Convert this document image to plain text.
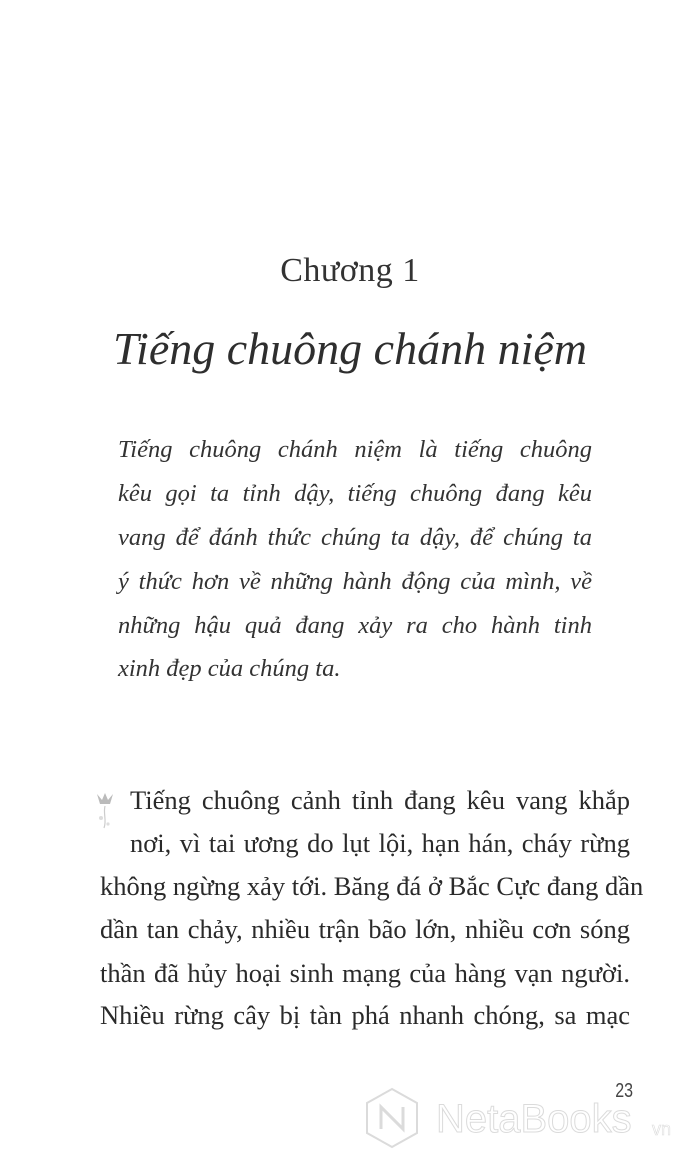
Chương 1
Tiếng chuông chánh niệm
Tiếng chuông chánh niệm là tiếng chuông
kêu gọi ta tỉnh dậy, tiếng chuông đang kêu
vang để đánh thức chúng ta dậy, để chúng ta
ý thức hơn về những hành động của mình, về
những hậu quả đang xảy ra cho hành tinh
xinh đẹp của chúng ta.
Tiếng chuông cảnh tỉnh đang kêu vang khắp
nơi, vì tai ương do lụt lội, hạn hán, cháy rừng
không ngừng xảy tới. Băng đá ở Bắc Cực đang dần
dần tan chảy, nhiều trận bão lớn, nhiều cơn sóng
thần đã hủy hoại sinh mạng của hàng vạn người.
Nhiều rừng cây bị tàn phá nhanh chóng, sa mạc
23
NetaBooks vn
